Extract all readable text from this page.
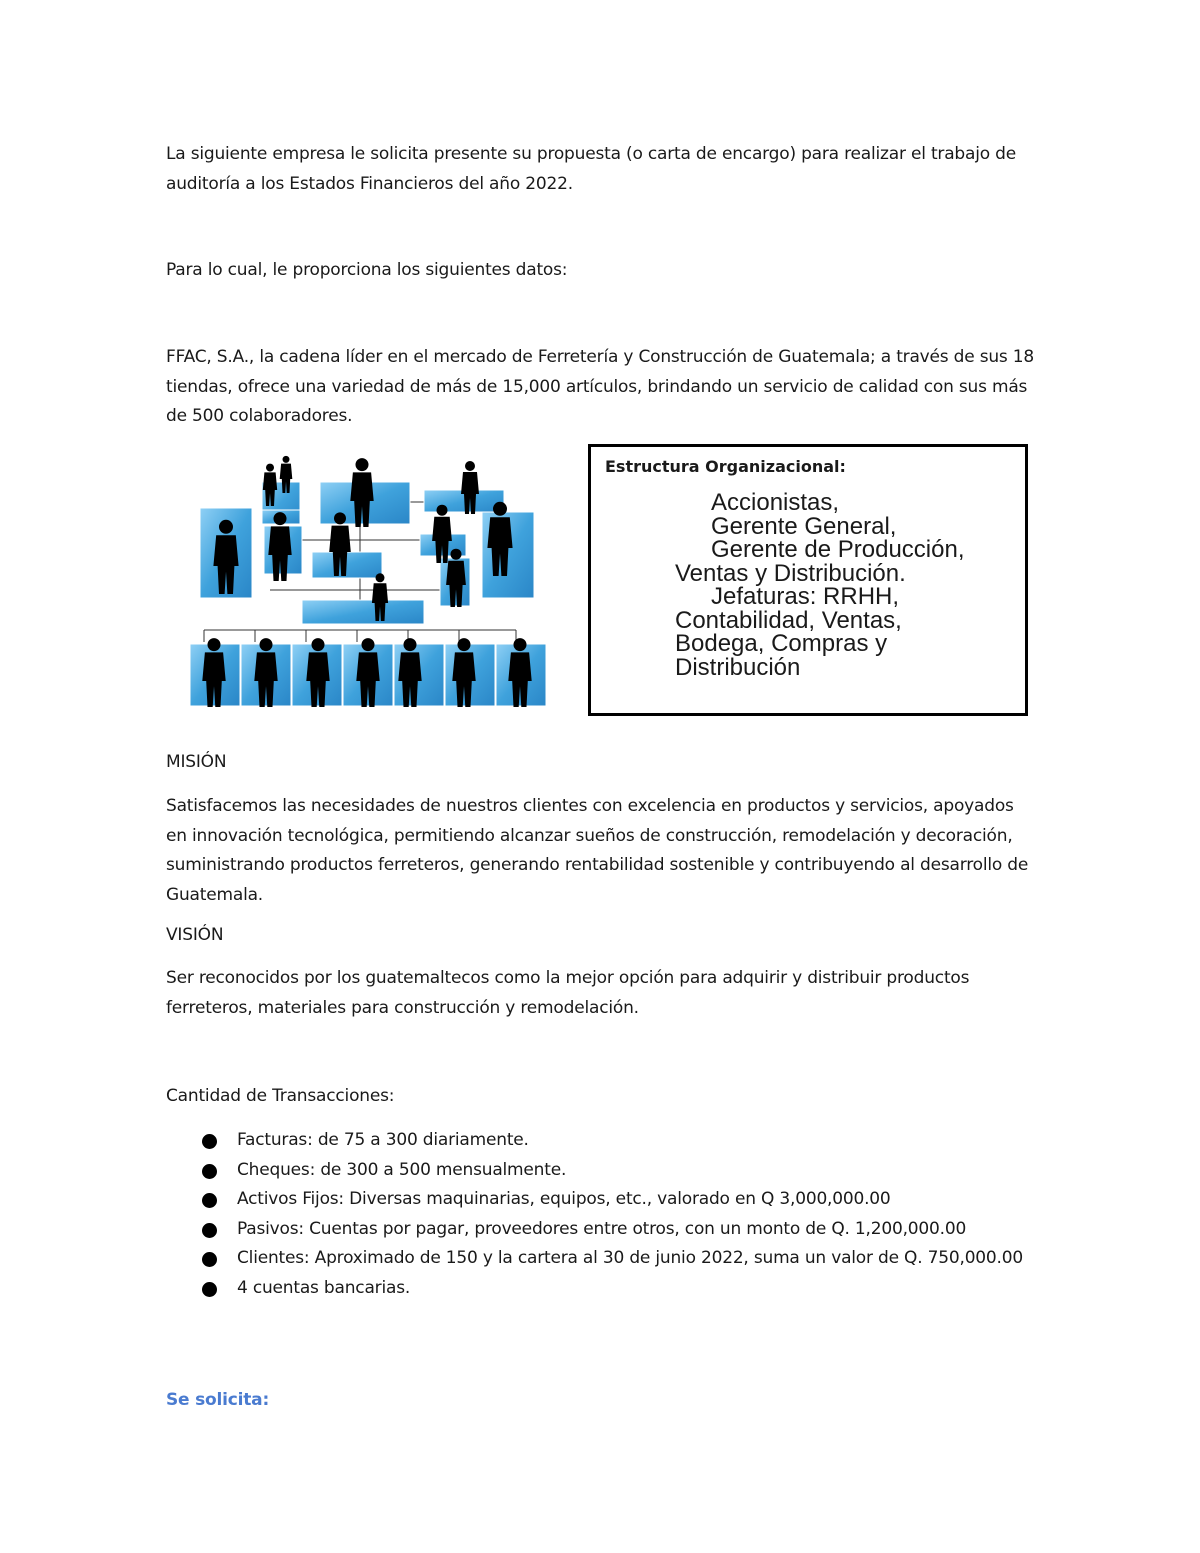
La siguiente empresa le solicita presente su propuesta (o carta de encargo) para realizar el trabajo de auditoría a los Estados Financieros del año 2022.
Para lo cual, le proporciona los siguientes datos:
FFAC, S.A., la cadena líder en el mercado de Ferretería y Construcción de Guatemala; a través de sus 18 tiendas, ofrece una variedad de más de 15,000 artículos, brindando un servicio de calidad con sus más de 500 colaboradores.
Estructura Organizacional:
Accionistas,
Gerente General,
Gerente de Producción,
Ventas y Distribución.
Jefaturas: RRHH,
Contabilidad, Ventas,
Bodega, Compras y
Distribución
MISIÓN
Satisfacemos las necesidades de nuestros clientes con excelencia en productos y servicios, apoyados en innovación tecnológica, permitiendo alcanzar sueños de construcción, remodelación y decoración, suministrando productos ferreteros, generando rentabilidad sostenible y contribuyendo al desarrollo de Guatemala.
VISIÓN
Ser reconocidos por los guatemaltecos como la mejor opción para adquirir y distribuir productos ferreteros, materiales para construcción y remodelación.
Cantidad de Transacciones:
Facturas: de 75 a 300 diariamente.
Cheques: de 300 a 500 mensualmente.
Activos Fijos: Diversas maquinarias, equipos, etc., valorado en Q 3,000,000.00
Pasivos: Cuentas por pagar, proveedores entre otros, con un monto de Q. 1,200,000.00
Clientes: Aproximado de 150 y la cartera al 30 de junio 2022, suma un valor de Q. 750,000.00
4 cuentas bancarias.
Se solicita:
